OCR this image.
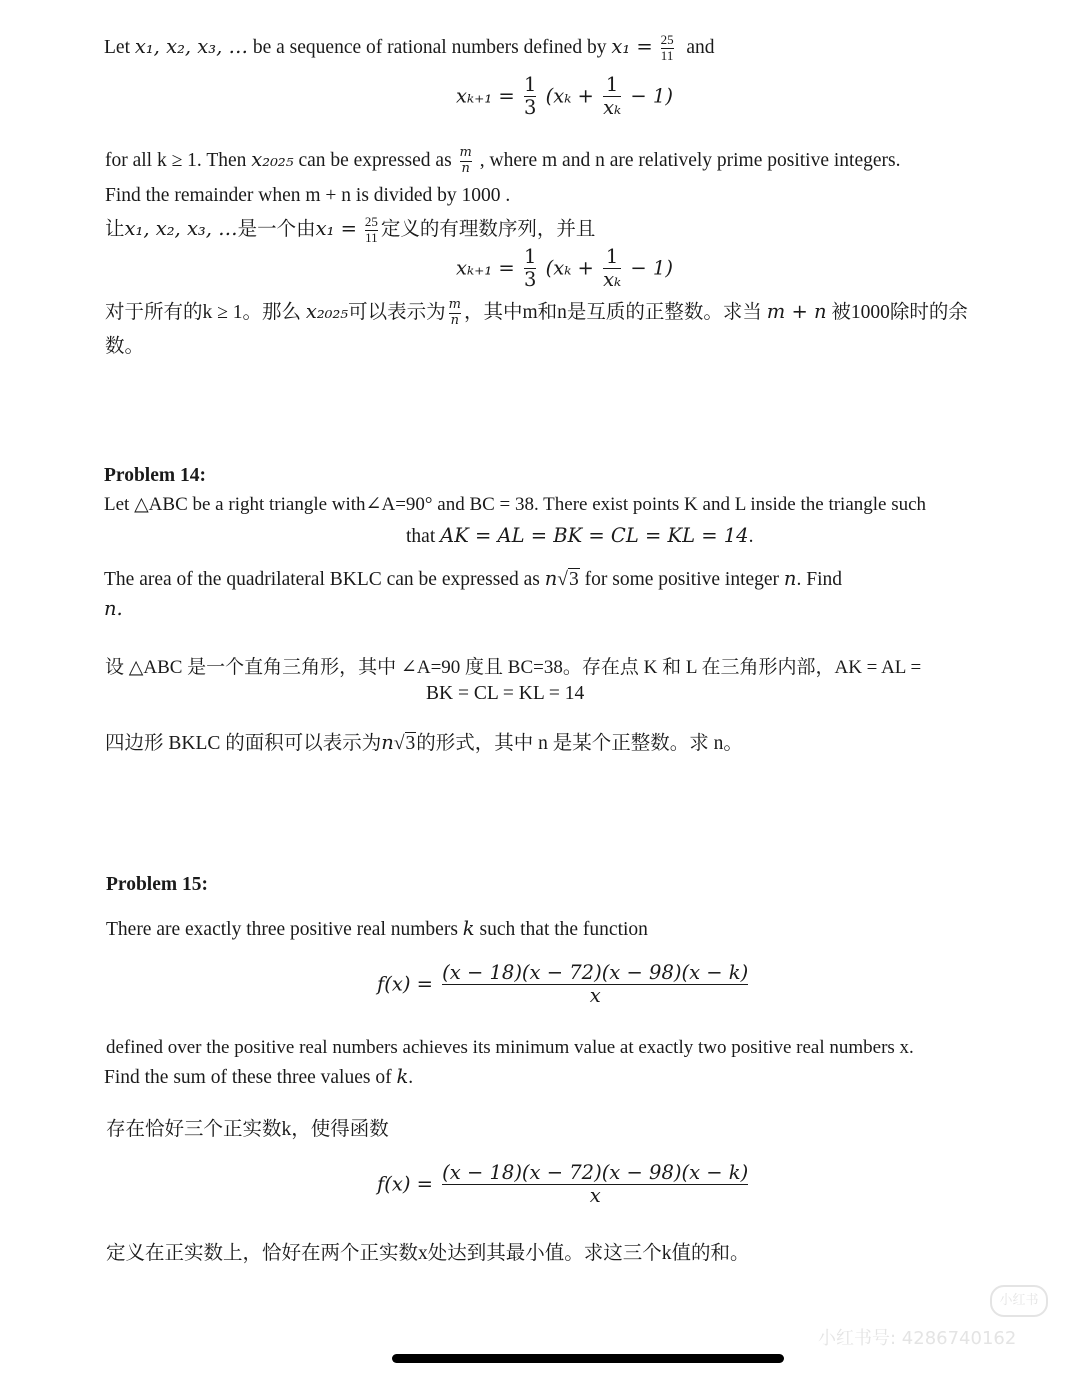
Let x₁, x₂, x₃, … be a sequence of rational numbers defined by $x_1 = \frac{25}{11}$ and
$x_{k+1} = \frac{1}{3} (x_k + \frac{1}{\text{xₖ}} - 1)$
for all k ≥ 1. Then x₂₀₂₅ can be expressed as $\frac{m}{n}$ , where m and n are relatively prime positive integers.
Find the remainder when m + n is divided by 1000 .
让x₁, x₂, x₃, …是一个由$x_1 = \frac{25}{11}$ 定义的有理数序列，并且
$x_{k+1} = \frac{1}{3} (x_k + \frac{1}{\text{xₖ}} - 1)$
对于所有的k ≥ 1。那么 x₂₀₂₅可以表示为 $\frac{m}{n}$ ，其中m和n是互质的正整数。求当 m + n 被1000除时的余
数。
Problem 14:
Let △ABC be a right triangle with∠A=90° and BC = 38. There exist points K and L inside the triangle such
that AK = AL = BK = CL = KL = 14.
The area of the quadrilateral BKLC can be expressed as n√3 for some positive integer n. Find
n.
设 △ABC 是一个直角三角形，其中 ∠A=90 度且 BC=38。存在点 K 和 L 在三角形内部，AK = AL =
BK = CL = KL = 14
四边形 BKLC 的面积可以表示为n√3的形式，其中 n 是某个正整数。求 n。
Problem 15:
There are exactly three positive real numbers k such that the function
$f(x) = \frac{(x - 18)(x - 72)(x - 98)(x - k)}{x}$
defined over the positive real numbers achieves its minimum value at exactly two positive real numbers x.
Find the sum of these three values of k.
存在恰好三个正实数k，使得函数
$f(x) = \frac{(x - 18)(x - 72)(x - 98)(x - k)}{x}$
定义在正实数上，恰好在两个正实数x处达到其最小值。求这三个k值的和。
小红书
小红书号: 4286740162
